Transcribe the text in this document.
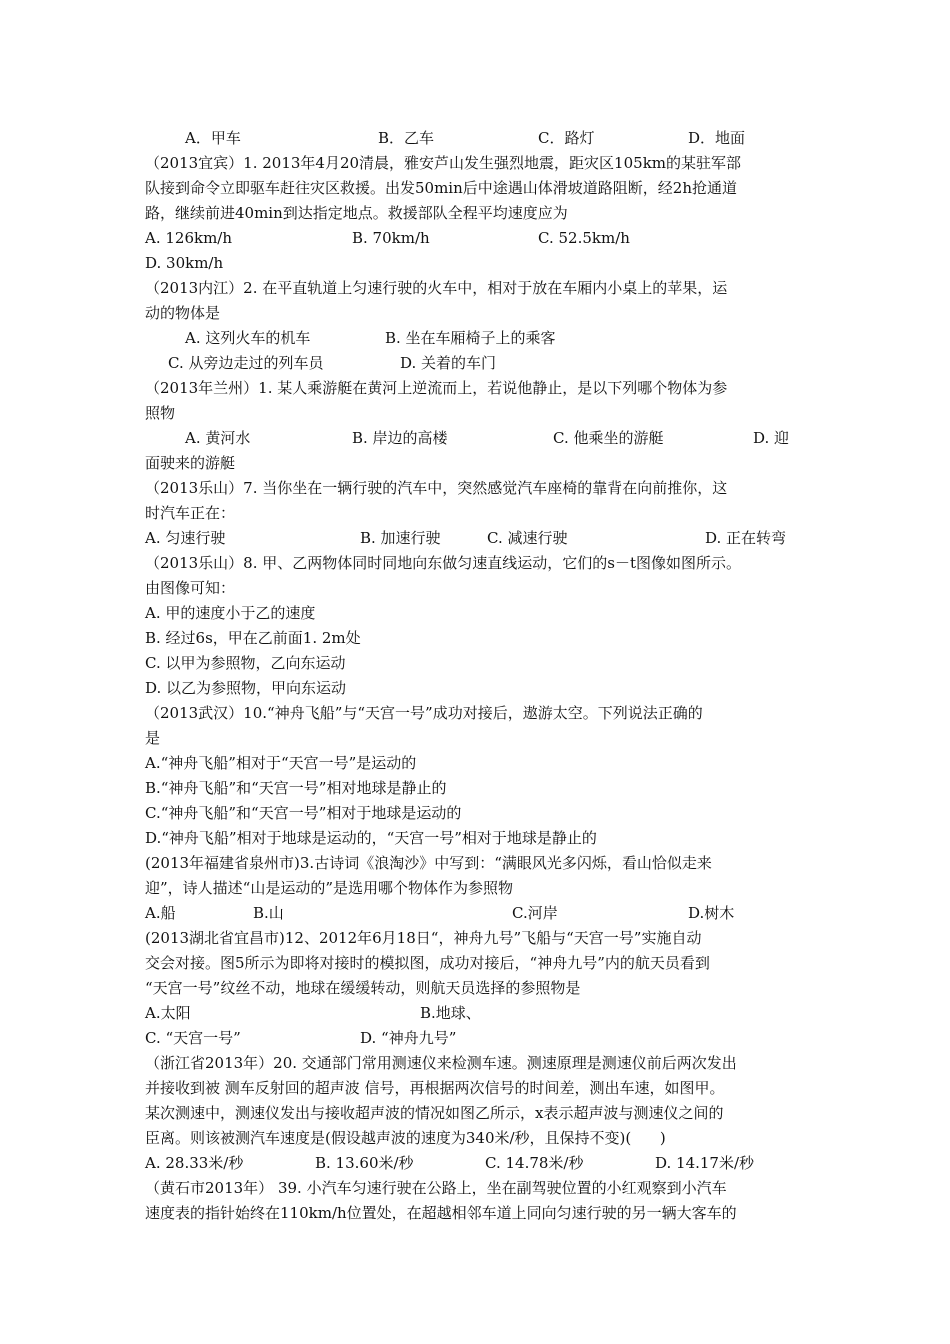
A．甲车	B．乙车	C．路灯	D．地面
（2013宜宾）1. 2013年4月20清晨，雅安芦山发生强烈地震，距灾区105km的某驻军部
队接到命令立即驱车赶往灾区救援。出发50min后中途遇山体滑坡道路阻断，经2h抢通道
路，继续前进40min到达指定地点。救援部队全程平均速度应为
A. 126km/h	B. 70km/h	C. 52.5km/h
D. 30km/h
（2013内江）2. 在平直轨道上匀速行驶的火车中，相对于放在车厢内小桌上的苹果，运
动的物体是
A. 这列火车的机车	B. 坐在车厢椅子上的乘客
C. 从旁边走过的列车员	D. 关着的车门
（2013年兰州）1. 某人乘游艇在黄河上逆流而上，若说他静止，是以下列哪个物体为参
照物
A. 黄河水	B. 岸边的高楼	C. 他乘坐的游艇	D. 迎
面驶来的游艇
（2013乐山）7. 当你坐在一辆行驶的汽车中，突然感觉汽车座椅的靠背在向前推你，这
时汽车正在：
A. 匀速行驶	B. 加速行驶	C. 减速行驶	D. 正在转弯
（2013乐山）8. 甲、乙两物体同时同地向东做匀速直线运动，它们的s－t图像如图所示。
由图像可知：
A. 甲的速度小于乙的速度
B. 经过6s，甲在乙前面1. 2m处
C. 以甲为参照物，乙向东运动
D. 以乙为参照物，甲向东运动
（2013武汉）10.“神舟飞船”与“天宫一号”成功对接后，遨游太空。下列说法正确的
是
A.“神舟飞船”相对于“天宫一号”是运动的
B.“神舟飞船”和“天宫一号”相对地球是静止的
C.“神舟飞船”和“天宫一号”相对于地球是运动的
D.“神舟飞船”相对于地球是运动的，“天宫一号”相对于地球是静止的
(2013年福建省泉州市)3.古诗词《浪淘沙》中写到：“满眼风光多闪烁，看山恰似走来
迎”，诗人描述“山是运动的”是选用哪个物体作为参照物
A.船	B.山	C.河岸	D.树木
(2013湖北省宜昌市)12、2012年6月18日“，神舟九号”飞船与“天宫一号”实施自动
交会对接。图5所示为即将对接时的模拟图，成功对接后，“神舟九号”内的航天员看到
“天宫一号”纹丝不动，地球在缓缓转动，则航天员选择的参照物是
A.太阳	B.地球、
C. “天宫一号”	D. “神舟九号”
（浙江省2013年）20. 交通部门常用测速仪来检测车速。测速原理是测速仪前后两次发出
并接收到被 测车反射回的超声波 信号，再根据两次信号的时间差，测出车速，如图甲。
某次测速中，测速仪发出与接收超声波的情况如图乙所示，x表示超声波与测速仪之间的
臣离。则该被测汽车速度是(假设越声波的速度为340米/秒，且保持不变)(      )
A. 28.33米/秒	B. 13.60米/秒	C. 14.78米/秒	D. 14.17米/秒
（黄石市2013年） 39. 小汽车匀速行驶在公路上，坐在副驾驶位置的小红观察到小汽车
速度表的指针始终在110km/h位置处，在超越相邻车道上同向匀速行驶的另一辆大客车的
